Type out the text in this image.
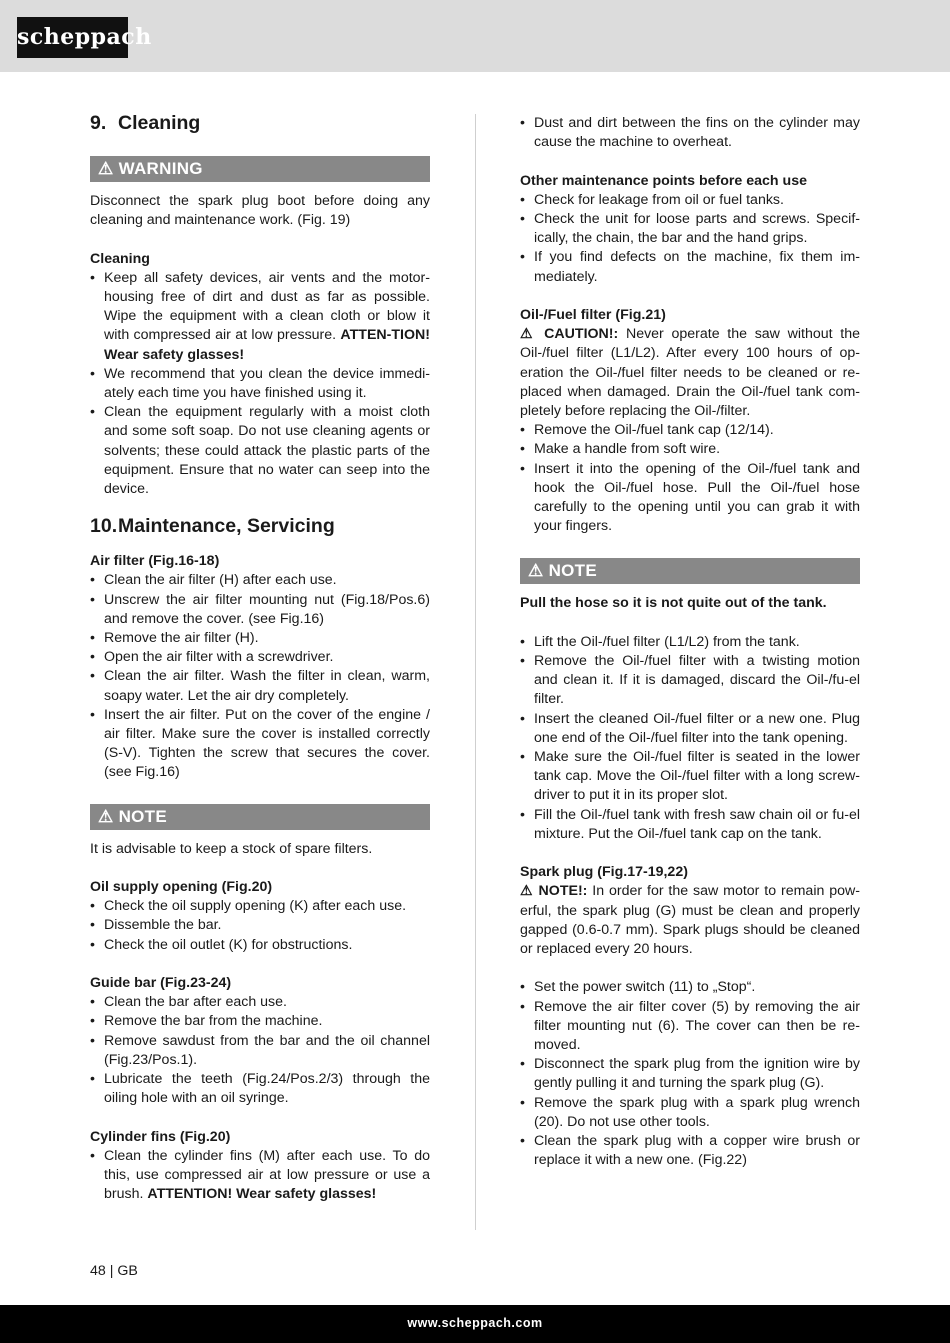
scheppach
9. Cleaning
⚠ WARNING

Disconnect the spark plug boot before doing any cleaning and maintenance work. (Fig. 19)

Cleaning
• Keep all safety devices, air vents and the motor-housing free of dirt and dust as far as possible. Wipe the equipment with a clean cloth or blow it with compressed air at low pressure. ATTEN-TION! Wear safety glasses!
• We recommend that you clean the device immedi-ately each time you have finished using it.
• Clean the equipment regularly with a moist cloth and some soft soap. Do not use cleaning agents or solvents; these could attack the plastic parts of the equipment. Ensure that no water can seep into the device.
10.Maintenance, Servicing
Air filter (Fig.16-18)
• Clean the air filter (H) after each use.
• Unscrew the air filter mounting nut (Fig.18/Pos.6) and remove the cover. (see Fig.16)
• Remove the air filter (H).
• Open the air filter with a screwdriver.
• Clean the air filter. Wash the filter in clean, warm, soapy water. Let the air dry completely.
• Insert the air filter. Put on the cover of the engine / air filter. Make sure the cover is installed correctly (S-V). Tighten the screw that secures the cover. (see Fig.16)
⚠ NOTE

It is advisable to keep a stock of spare filters.

Oil supply opening (Fig.20)
• Check the oil supply opening (K) after each use.
• Dissemble the bar.
• Check the oil outlet (K) for obstructions.
Guide bar (Fig.23-24)
• Clean the bar after each use.
• Remove the bar from the machine.
• Remove sawdust from the bar and the oil channel (Fig.23/Pos.1).
• Lubricate the teeth (Fig.24/Pos.2/3) through the oiling hole with an oil syringe.
Cylinder fins (Fig.20)
• Clean the cylinder fins (M) after each use. To do this, use compressed air at low pressure or use a brush. ATTENTION! Wear safety glasses!
• Dust and dirt between the fins on the cylinder may cause the machine to overheat.
Other maintenance points before each use
• Check for leakage from oil or fuel tanks.
• Check the unit for loose parts and screws. Specif-ically, the chain, the bar and the hand grips.
• If you find defects on the machine, fix them im-mediately.
Oil-/Fuel filter (Fig.21)

⚠ CAUTION!: Never operate the saw without the Oil-/fuel filter (L1/L2). After every 100 hours of op-eration the Oil-/fuel filter needs to be cleaned or re-placed when damaged. Drain the Oil-/fuel tank com-pletely before replacing the Oil-/filter.

• Remove the Oil-/fuel tank cap (12/14).
• Make a handle from soft wire.
• Insert it into the opening of the Oil-/fuel tank and hook the Oil-/fuel hose. Pull the Oil-/fuel hose carefully to the opening until you can grab it with your fingers.
⚠ NOTE

Pull the hose so it is not quite out of the tank.

• Lift the Oil-/fuel filter (L1/L2) from the tank.
• Remove the Oil-/fuel filter with a twisting motion and clean it. If it is damaged, discard the Oil-/fu-el filter.
• Insert the cleaned Oil-/fuel filter or a new one. Plug one end of the Oil-/fuel filter into the tank opening.
• Make sure the Oil-/fuel filter is seated in the lower tank cap. Move the Oil-/fuel filter with a long screw-driver to put it in its proper slot.
• Fill the Oil-/fuel tank with fresh saw chain oil or fu-el mixture. Put the Oil-/fuel tank cap on the tank.
Spark plug (Fig.17-19,22)

⚠ NOTE!: In order for the saw motor to remain pow-erful, the spark plug (G) must be clean and properly gapped (0.6-0.7 mm). Spark plugs should be cleaned or replaced every 20 hours.

• Set the power switch (11) to „Stop“.
• Remove the air filter cover (5) by removing the air filter mounting nut (6). The cover can then be re-moved.
• Disconnect the spark plug from the ignition wire by gently pulling it and turning the spark plug (G).
• Remove the spark plug with a spark plug wrench (20). Do not use other tools.
• Clean the spark plug with a copper wire brush or replace it with a new one. (Fig.22)
48 | GB
www.scheppach.com
